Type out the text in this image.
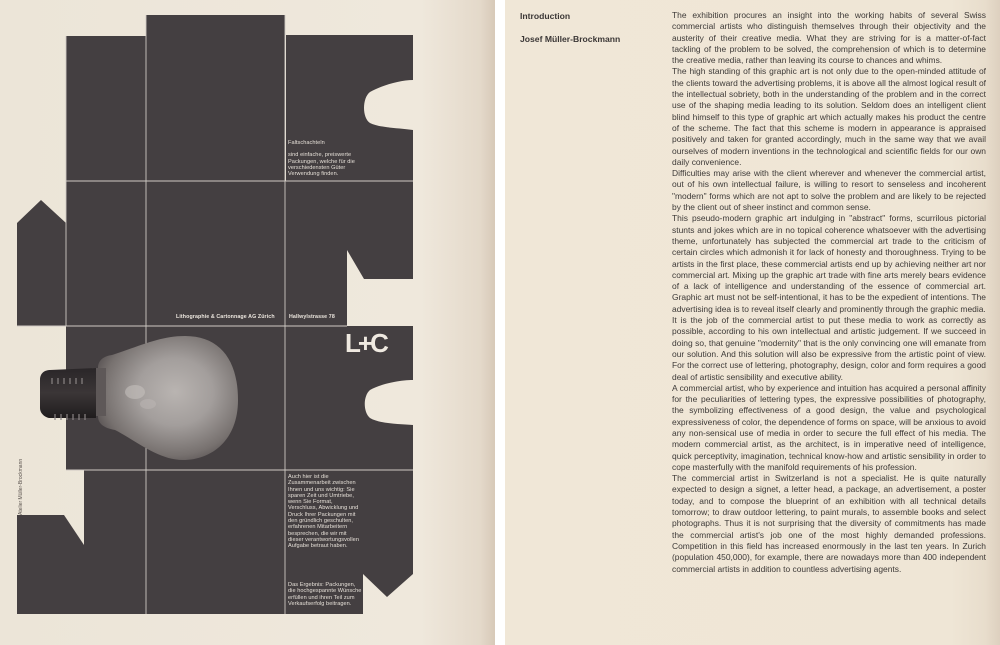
Faltschachteln
sind einfache, preiswerte Packungen, welche für die verschiedensten Güter Verwendung finden.
Lithographie & Cartonnage AG Zürich	Hallwylstrasse 78
L+C
Auch hier ist die Zusammenarbeit zwischen Ihnen und uns wichtig: Sie sparen Zeit und Umtriebe, wenn Sie Format, Verschluss, Abwicklung und Druck Ihrer Packungen mit den gründlich geschulten, erfahrenen Mitarbeitern besprechen, die wir mit dieser verantwortungsvollen Aufgabe betraut haben.
Das Ergebnis: Packungen, die hochgespannte Wünsche erfüllen und ihren Teil zum Verkaufserfolg beitragen.
Atelier Müller-Brockmann
Introduction
Josef Müller-Brockmann

The exhibition procures an insight into the working habits of several Swiss commercial artists who distinguish themselves through their objectivity and the austerity of their creative media. What they are striving for is a matter-of-fact tackling of the problem to be solved, the comprehension of which is to determine the creative media, rather than leaving its course to chances and whims.

The high standing of this graphic art is not only due to the open-minded attitude of the clients toward the advertising problems, it is above all the almost logical result of the intellectual sobriety, both in the understanding of the problem and in the correct use of the shaping media leading to its solution. Seldom does an intelligent client blind himself to this type of graphic art which actually makes his product the centre of the scheme. The fact that this scheme is modern in appearance is appraised positively and taken for granted accordingly, much in the same way that we avail ourselves of modern inventions in the technological and scientific fields for our own daily convenience.

Difficulties may arise with the client wherever and whenever the commercial artist, out of his own intellectual failure, is willing to resort to senseless and incoherent "modern" forms which are not apt to solve the problem and are likely to be rejected by the client out of sheer instinct and common sense.

This pseudo-modern graphic art indulging in "abstract" forms, scurrilous pictorial stunts and jokes which are in no topical coherence whatsoever with the advertising theme, unfortunately has subjected the commercial art trade to the criticism of certain circles which admonish it for lack of honesty and thoroughness. Trying to be artists in the first place, these commercial artists end up by achieving neither art nor commercial art. Mixing up the graphic art trade with fine arts merely bears evidence of a lack of intelligence and understanding of the essence of commercial art. Graphic art must not be self-intentional, it has to be the expedient of intentions. The advertising idea is to reveal itself clearly and prominently through the graphic media.

It is the job of the commercial artist to put these media to work as correctly as possible, according to his own intellectual and artistic judgement. If we succeed in doing so, that genuine "modernity" that is the only convincing one will emanate from our solution. And this solution will also be expressive from the artistic point of view. For the correct use of lettering, photography, design, color and form requires a good deal of artistic sensibility and executive ability.

A commercial artist, who by experience and intuition has acquired a personal affinity for the peculiarities of lettering types, the expressive possibilities of photography, the symbolizing effectiveness of a good design, the value and psychological expressiveness of color, the dependence of forms on space, will be anxious to avoid any non-sensical use of media in order to secure the full effect of his media. The modern commercial artist, as the architect, is in imperative need of intelligence, quick perceptivity, imagination, technical know-how and artistic sensibility in order to cope masterfully with the manifold requirements of his profession.

The commercial artist in Switzerland is not a specialist. He is quite naturally expected to design a signet, a letter head, a package, an advertisement, a poster today, and to compose the blueprint of an exhibition with all technical details tomorrow; to draw outdoor lettering, to paint murals, to assemble books and select photographs. Thus it is not surprising that the diversity of commitments has made the commercial artist's job one of the most highly demanded professions. Competition in this field has increased enormously in the last ten years. In Zurich (population 450,000), for example, there are nowadays more than 400 independent commercial artists in addition to countless advertising agents.
